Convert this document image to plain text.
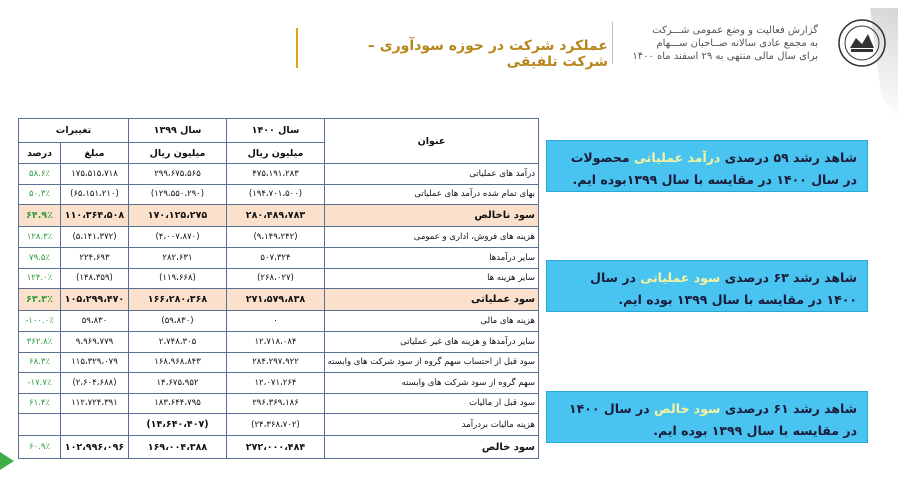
گزارش فعالیت و وضع عمومی شـــرکت
به مجمع عادی سالانه صــاحبان ســـهام
برای سال مالی منتهی به ۲۹ اسفند ماه ۱۴۰۰
عملکرد شرکت در حوزه سودآوری – شرکت تلفیقی
عنوان	سال ۱۴۰۰	سال ۱۳۹۹	تغییرات	
	میلیون ریال	میلیون ریال	مبلغ	درصد
درآمد های عملیاتی	۴۷۵،۱۹۱،۲۸۳	۲۹۹،۶۷۵،۵۶۵	۱۷۵،۵۱۵،۷۱۸	۵۸.۶٪
بهای تمام شده درآمد های عملیاتی	(۱۹۴،۷۰۱،۵۰۰)	(۱۲۹،۵۵۰،۲۹۰)	(۶۵،۱۵۱،۲۱۰)	۵۰.۳٪
سود ناخالص	۲۸۰،۴۸۹،۷۸۳	۱۷۰،۱۲۵،۲۷۵	۱۱۰،۳۶۴،۵۰۸	۶۴.۹٪
هزینه های فروش، اداری و عمومی	(۹،۱۴۹،۲۴۲)	(۴،۰۰۷،۸۷۰)	(۵،۱۴۱،۳۷۲)	۱۲۸.۳٪
سایر درآمدها	۵۰۷،۳۲۴	۲۸۲،۶۳۱	۲۲۴،۶۹۳	۷۹.۵٪
سایر هزینه ها	(۲۶۸،۰۲۷)	(۱۱۹،۶۶۸)	(۱۴۸،۳۵۹)	۱۲۴.۰٪
سود عملیاتی	۲۷۱،۵۷۹،۸۳۸	۱۶۶،۲۸۰،۳۶۸	۱۰۵،۲۹۹،۴۷۰	۶۳.۳٪
هزینه های مالی	۰	(۵۹،۸۳۰)	۵۹،۸۳۰	-۱۰۰.۰٪
سایر درآمدها و هزینه های غیر عملیاتی	۱۲،۷۱۸،۰۸۴	۲،۷۴۸،۳۰۵	۹،۹۶۹،۷۷۹	۳۶۲.۸٪
سود قبل از احتساب سهم گروه از سود شرکت های وابسته	۲۸۴،۲۹۷،۹۲۲	۱۶۸،۹۶۸،۸۴۳	۱۱۵،۳۲۹،۰۷۹	۶۸.۳٪
سهم گروه از سود شرکت های وابسته	۱۲،۰۷۱،۲۶۴	۱۴،۶۷۵،۹۵۲	(۲،۶۰۴،۶۸۸)	-۱۷.۷٪
سود قبل از مالیات	۲۹۶،۳۶۹،۱۸۶	۱۸۳،۶۴۴،۷۹۵	۱۱۲،۷۲۴،۳۹۱	۶۱.۴٪
هزینه مالیات بردرآمد	(۲۴،۳۶۸،۷۰۲)	(۱۴،۶۴۰،۴۰۷)		
سود خالص	۲۷۲،۰۰۰،۴۸۴	۱۶۹،۰۰۴،۳۸۸	۱۰۲،۹۹۶،۰۹۶	۶۰.۹٪
شاهد رشد ۵۹ درصدی درآمد عملیاتی محصولات در سال ۱۴۰۰ در مقایسه با سال ۱۳۹۹بوده ایم.
شاهد رشد ۶۳ درصدی سود عملیاتی در سال ۱۴۰۰ در مقایسه با سال ۱۳۹۹ بوده ایم.
شاهد رشد ۶۱ درصدی سود خالص در سال ۱۴۰۰ در مقایسه با سال ۱۳۹۹ بوده ایم.
